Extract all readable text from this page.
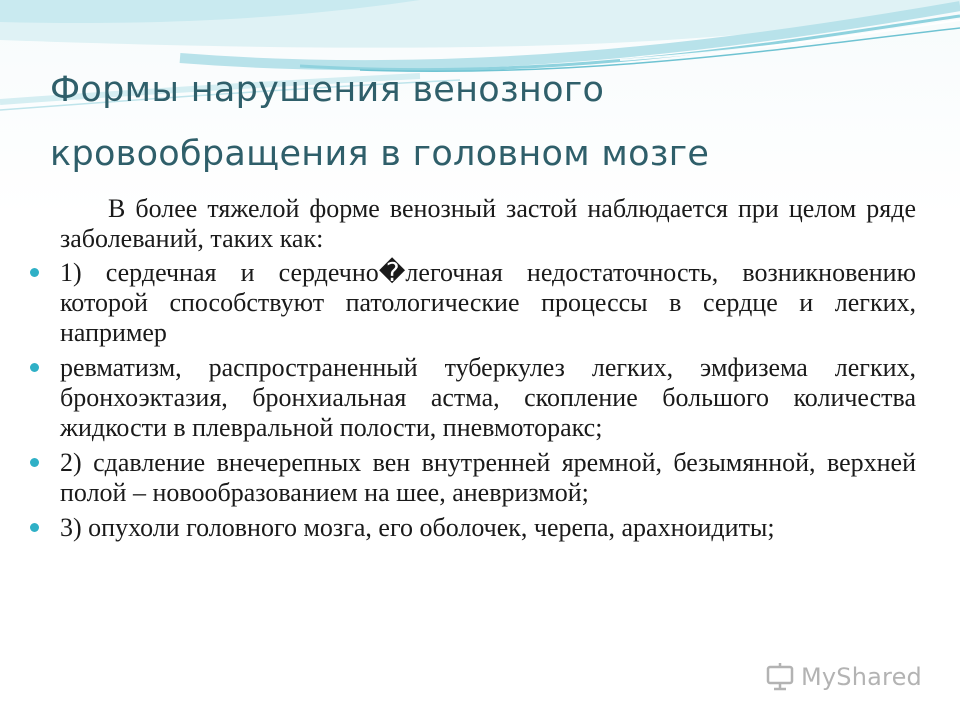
Формы нарушения венозного кровообращения в головном мозге

В более тяжелой форме венозный застой наблюдается при целом ряде заболеваний, таких как:

1) сердечная и сердечно�легочная недостаточность, возникновению которой способствуют патологические процессы в сердце и легких, например
ревматизм, распространенный туберкулез легких, эмфизема легких, бронхоэктазия, бронхиальная астма, скопление большого количества жидкости в плевральной полости, пневмоторакс;
2) сдавление внечерепных вен внутренней яремной, безымянной, верхней полой – новообразованием на шее, аневризмой;
3) опухоли головного мозга, его оболочек, черепа, арахноидиты;
MyShared
